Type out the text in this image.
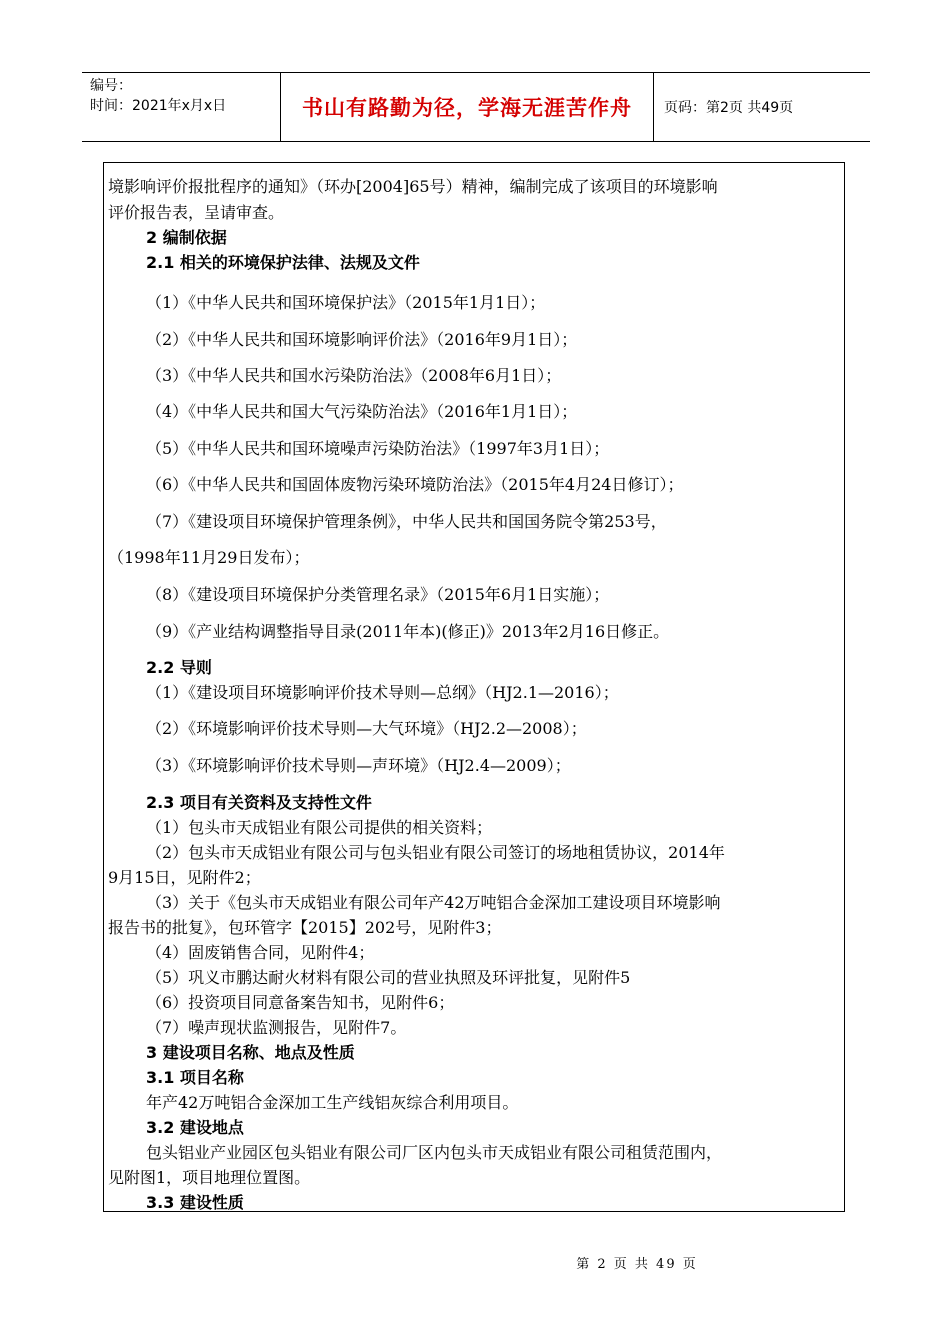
编号：
时间：2021年x月x日	书山有路勤为径，学海无涯苦作舟	页码：第2页 共49页
境影响评价报批程序的通知》（环办[2004]65号）精神，编制完成了该项目的环境影响
评价报告表，呈请审查。
2 编制依据
2.1 相关的环境保护法律、法规及文件
（1）《中华人民共和国环境保护法》（2015年1月1日）；
（2）《中华人民共和国环境影响评价法》（2016年9月1日）；
（3）《中华人民共和国水污染防治法》（2008年6月1日）；
（4）《中华人民共和国大气污染防治法》（2016年1月1日）；
（5）《中华人民共和国环境噪声污染防治法》（1997年3月1日）；
（6）《中华人民共和国固体废物污染环境防治法》（2015年4月24日修订）；
（7）《建设项目环境保护管理条例》，中华人民共和国国务院令第253号，
（1998年11月29日发布）；
（8）《建设项目环境保护分类管理名录》（2015年6月1日实施）；
（9）《产业结构调整指导目录(2011年本)(修正)》2013年2月16日修正。
2.2 导则
（1）《建设项目环境影响评价技术导则—总纲》（HJ2.1—2016）；
（2）《环境影响评价技术导则—大气环境》（HJ2.2—2008）；
（3）《环境影响评价技术导则—声环境》（HJ2.4—2009）；
2.3 项目有关资料及支持性文件
（1）包头市天成铝业有限公司提供的相关资料；
（2）包头市天成铝业有限公司与包头铝业有限公司签订的场地租赁协议，2014年
9月15日，见附件2；
（3）关于《包头市天成铝业有限公司年产42万吨铝合金深加工建设项目环境影响
报告书的批复》，包环管字【2015】202号，见附件3；
（4）固废销售合同，见附件4；
（5）巩义市鹏达耐火材料有限公司的营业执照及环评批复，见附件5
（6）投资项目同意备案告知书，见附件6；
（7）噪声现状监测报告，见附件7。
3 建设项目名称、地点及性质
3.1 项目名称
年产42万吨铝合金深加工生产线铝灰综合利用项目。
3.2 建设地点
包头铝业产业园区包头铝业有限公司厂区内包头市天成铝业有限公司租赁范围内，
见附图1，项目地理位置图。
3.3 建设性质
第 2 页 共 49 页
